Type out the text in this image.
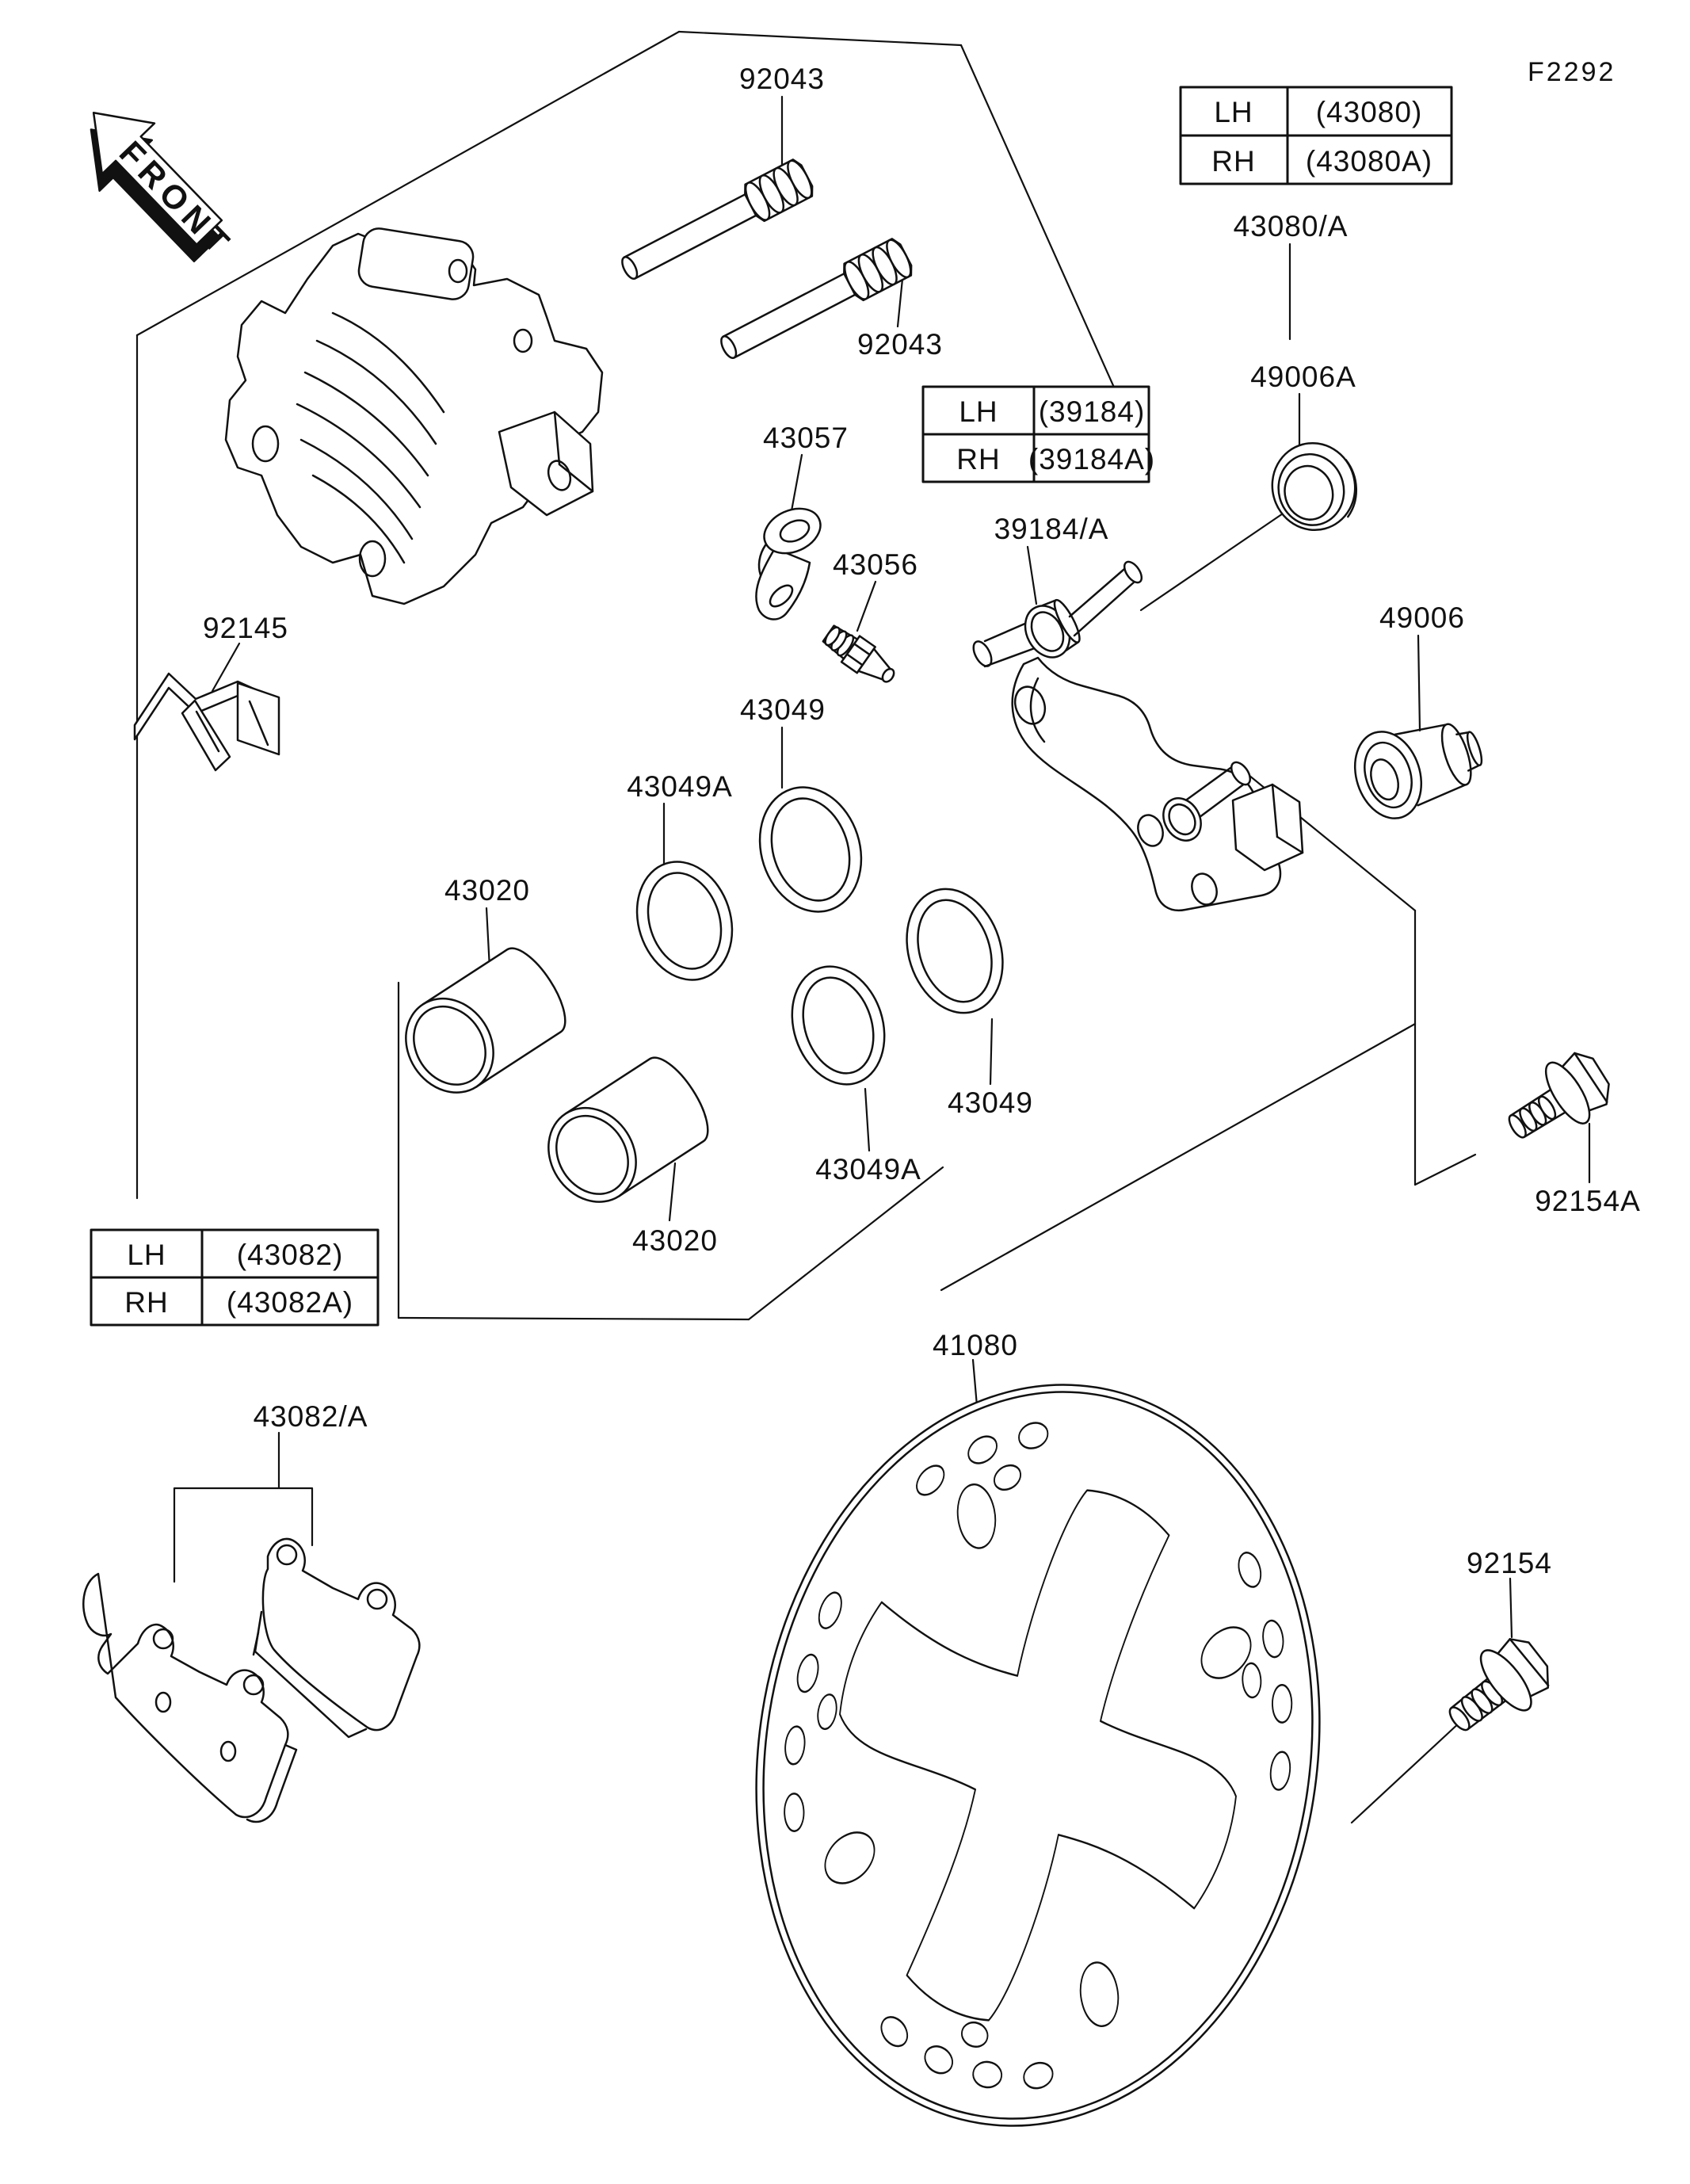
FRONT
F2292
LH (43080)
RH (43080A)
LH (39184)
RH (39184A)
LH (43082)
RH (43082A)
92043
92043
43080/A
43057
43056
39184/A
49006A
49006
92145
43049
43049A
43020
43020
43049A
43049
43082/A
41080
92154A
92154
